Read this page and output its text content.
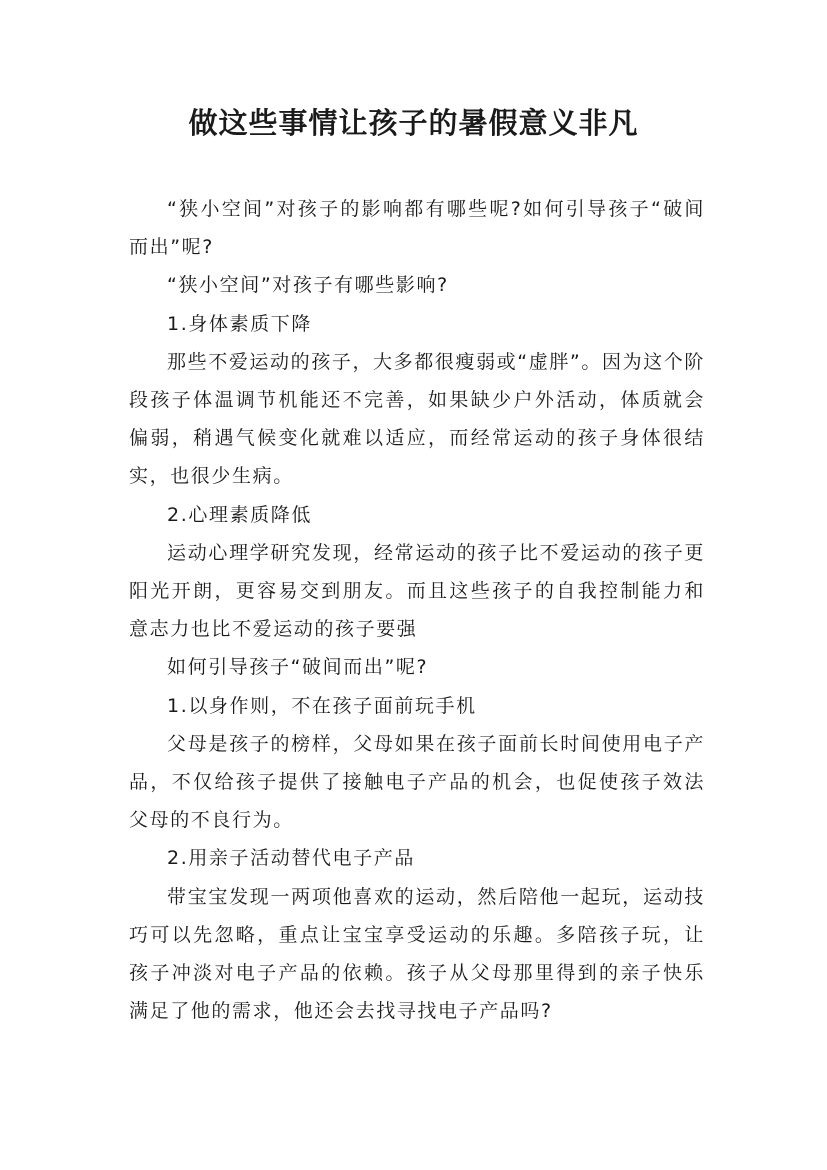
做这些事情让孩子的暑假意义非凡

“狭小空间”对孩子的影响都有哪些呢?如何引导孩子“破间而出”呢?

“狭小空间”对孩子有哪些影响?

1.身体素质下降

那些不爱运动的孩子，大多都很瘦弱或“虚胖”。因为这个阶段孩子体温调节机能还不完善，如果缺少户外活动，体质就会偏弱，稍遇气候变化就难以适应，而经常运动的孩子身体很结实，也很少生病。

2.心理素质降低

运动心理学研究发现，经常运动的孩子比不爱运动的孩子更阳光开朗，更容易交到朋友。而且这些孩子的自我控制能力和意志力也比不爱运动的孩子要强

如何引导孩子“破间而出”呢?

1.以身作则，不在孩子面前玩手机

父母是孩子的榜样，父母如果在孩子面前长时间使用电子产品，不仅给孩子提供了接触电子产品的机会，也促使孩子效法父母的不良行为。

2.用亲子活动替代电子产品

带宝宝发现一两项他喜欢的运动，然后陪他一起玩，运动技巧可以先忽略，重点让宝宝享受运动的乐趣。多陪孩子玩，让孩子冲淡对电子产品的依赖。孩子从父母那里得到的亲子快乐满足了他的需求，他还会去找寻找电子产品吗?
